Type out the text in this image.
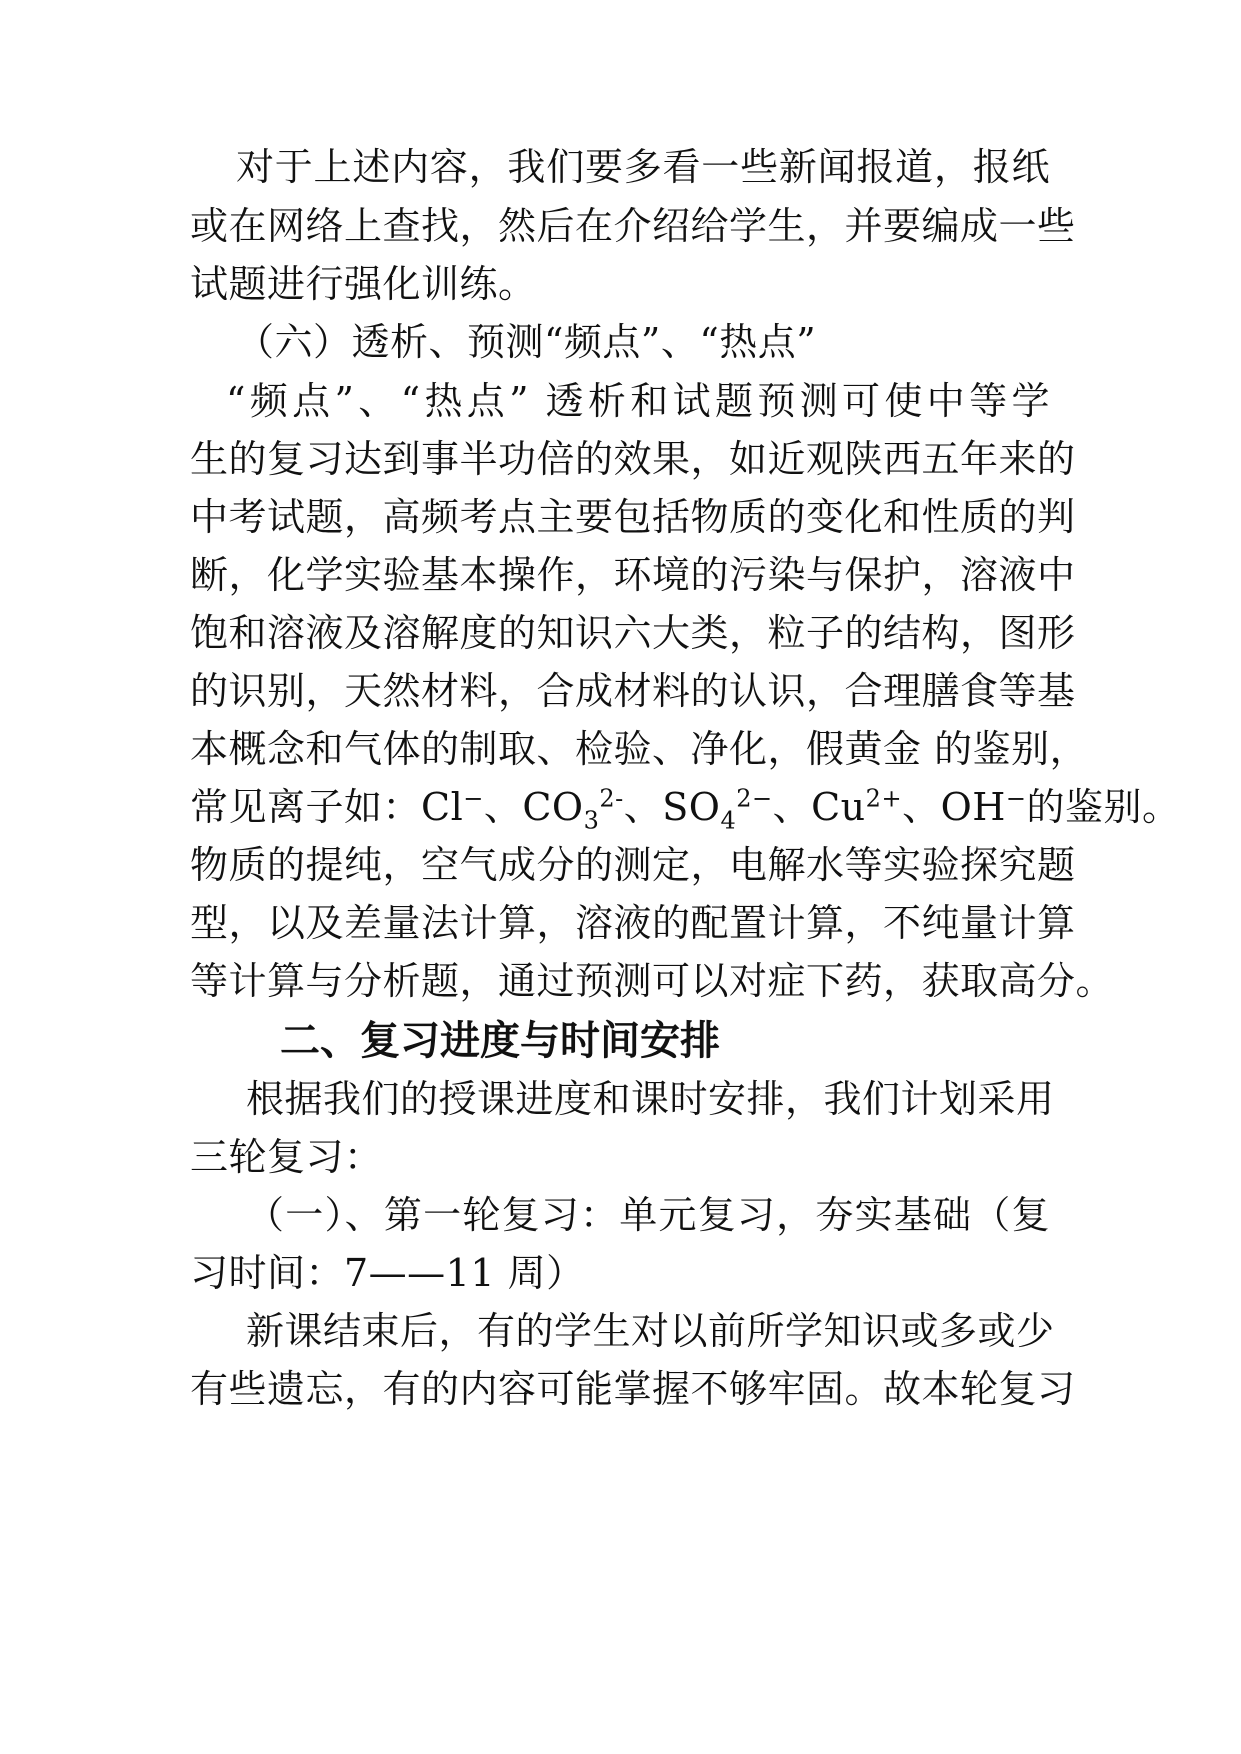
对于上述内容，我们要多看一些新闻报道，报纸
或在网络上查找，然后在介绍给学生，并要编成一些
试题进行强化训练。
（六）透析、预测“频点”、“热点”
“频点”、“热点” 透析和试题预测可使中等学
生的复习达到事半功倍的效果，如近观陕西五年来的
中考试题，高频考点主要包括物质的变化和性质的判
断，化学实验基本操作，环境的污染与保护，溶液中
饱和溶液及溶解度的知识六大类，粒子的结构，图形
的识别，天然材料，合成材料的认识，合理膳食等基
本概念和气体的制取、检验、净化，假黄金 的鉴别，
常见离子如：Cl−、$CO_3^{2-}$、$SO_4^{2-}$、$Cu^{2+}$、OH−的鉴别。
物质的提纯，空气成分的测定，电解水等实验探究题
型，以及差量法计算，溶液的配置计算，不纯量计算
等计算与分析题，通过预测可以对症下药，获取高分。
二、复习进度与时间安排
根据我们的授课进度和课时安排，我们计划采用
三轮复习：
（一）、第一轮复习：单元复习，夯实基础（复
习时间：7——11 周）
新课结束后，有的学生对以前所学知识或多或少
有些遗忘，有的内容可能掌握不够牢固。故本轮复习
